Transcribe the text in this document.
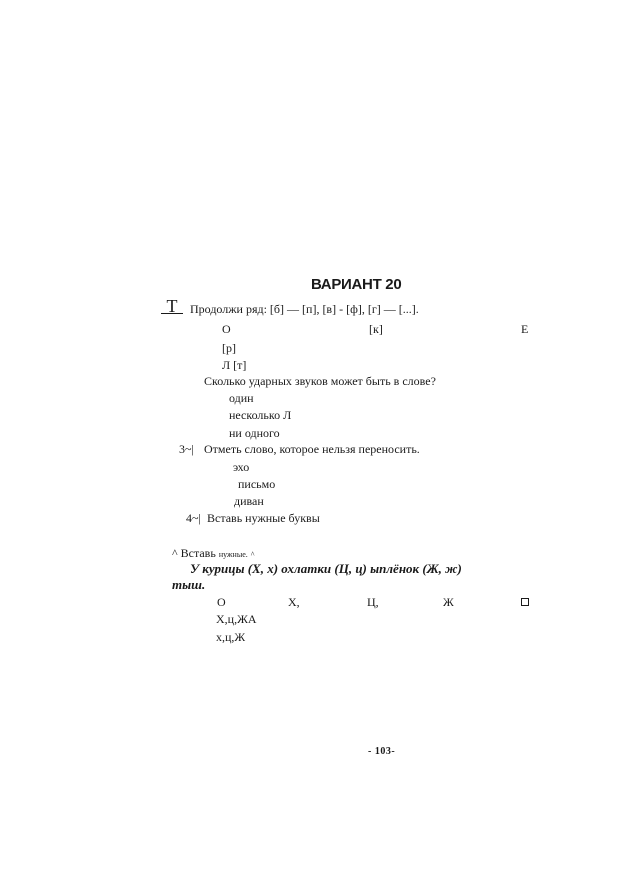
ВАРИАНТ 20
Т	Продолжи ряд: [б] — [п], [в] - [ф], [г] — [...].
О	[к]	Е
[р]
Л [т]
Сколько ударных звуков может быть в слове?
один
несколько Л
ни одного
3~| Отметь слово, которое нельзя переносить.
эхо
письмо
диван
4~| Вставь нужные буквы
^ Вставь нужные. ^
У курицы (Х, х) охлатки (Ц, ц) ыплёнок (Ж, ж)
тыш.
О	Х,	Ц,	Ж
Х,ц,ЖА
х,ц,Ж
- 103-
